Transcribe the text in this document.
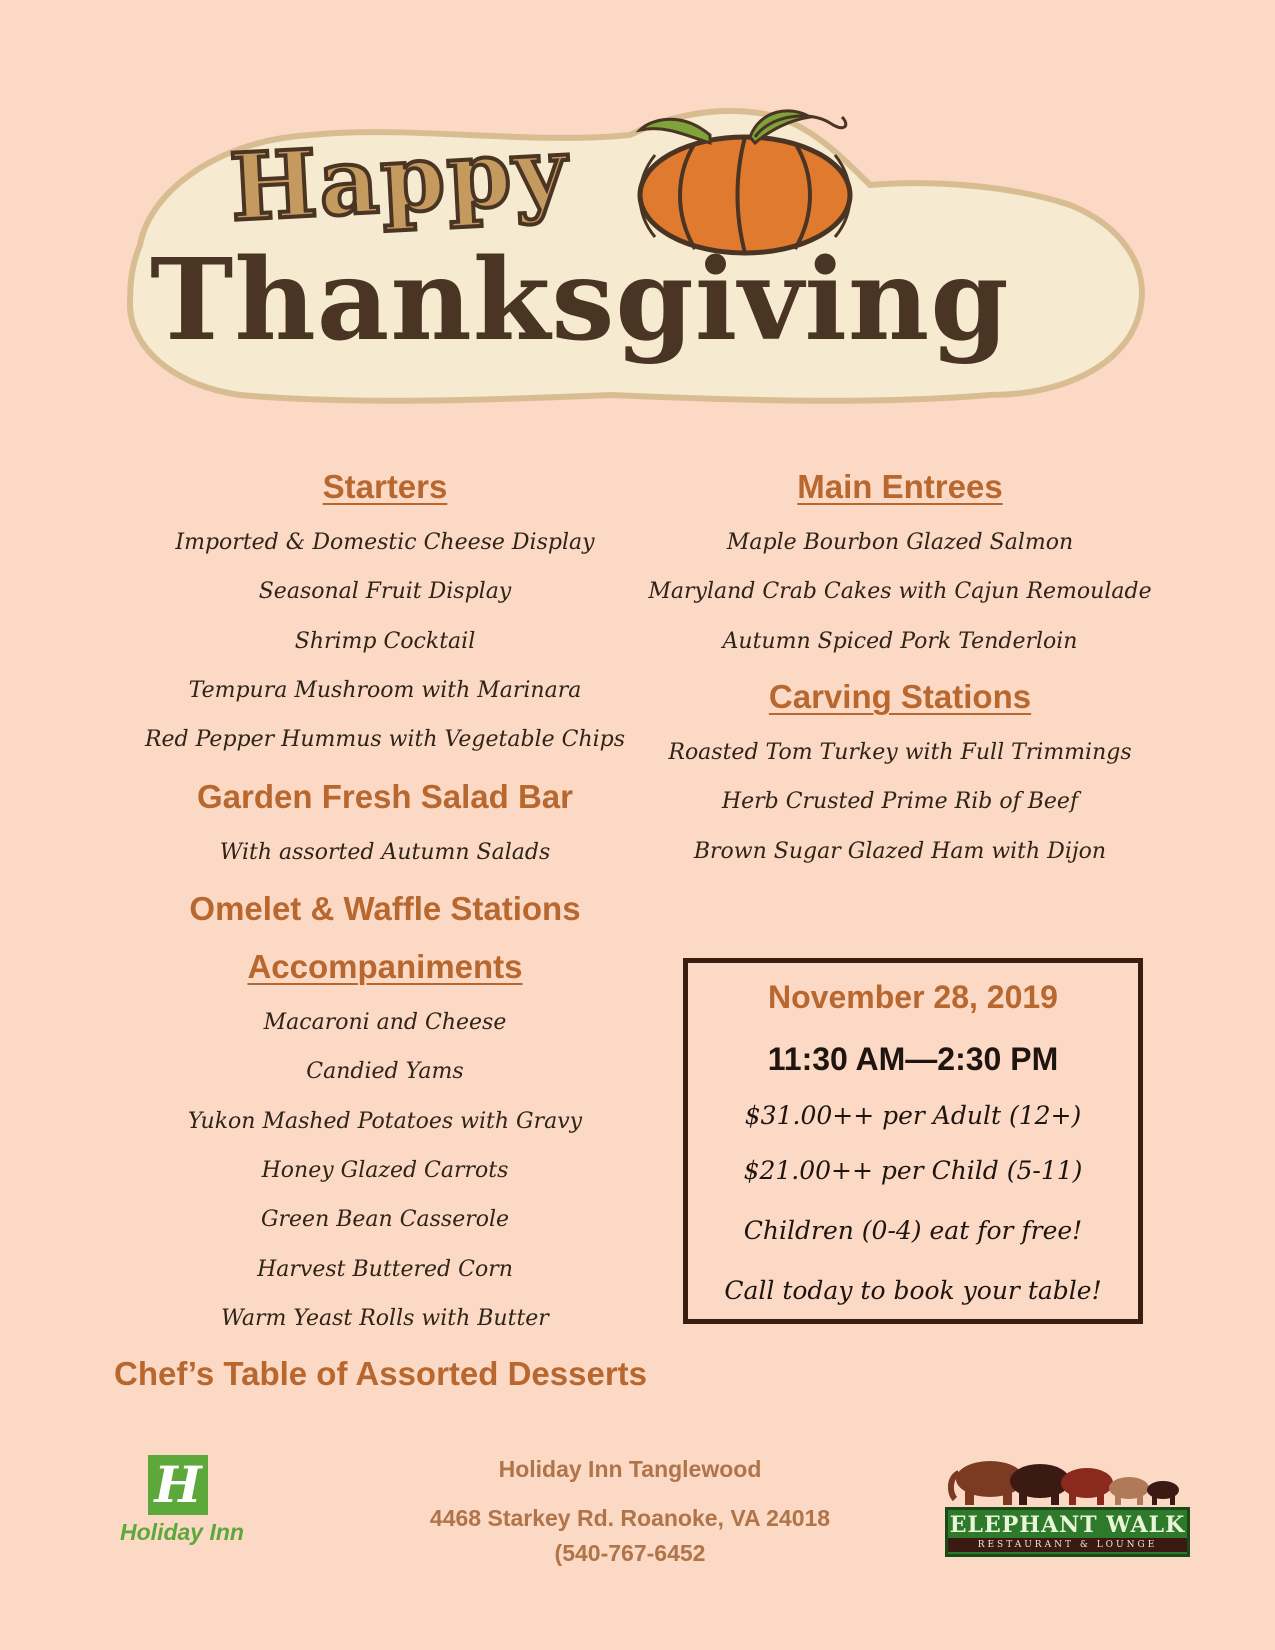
Happy
Thanksgiving
Starters
Imported & Domestic Cheese Display
Seasonal Fruit Display
Shrimp Cocktail
Tempura Mushroom with Marinara
Red Pepper Hummus with Vegetable Chips
Garden Fresh Salad Bar
With assorted Autumn Salads
Omelet & Waffle Stations
Accompaniments
Macaroni and Cheese
Candied Yams
Yukon Mashed Potatoes with Gravy
Honey Glazed Carrots
Green Bean Casserole
Harvest Buttered Corn
Warm Yeast Rolls with Butter
Chef’s Table of Assorted Desserts
Main Entrees
Maple Bourbon Glazed Salmon
Maryland Crab Cakes with Cajun Remoulade
Autumn Spiced Pork Tenderloin
Carving Stations
Roasted Tom Turkey with Full Trimmings
Herb Crusted Prime Rib of Beef
Brown Sugar Glazed Ham with Dijon
November 28, 2019
11:30 AM—2:30 PM
$31.00++ per Adult (12+)
$21.00++ per Child (5-11)
Children (0-4) eat for free!
Call today to book your table!
H
Holiday Inn
Holiday Inn Tanglewood
4468 Starkey Rd. Roanoke, VA 24018
(540-767-6452
ELEPHANT WALK
RESTAURANT & LOUNGE
